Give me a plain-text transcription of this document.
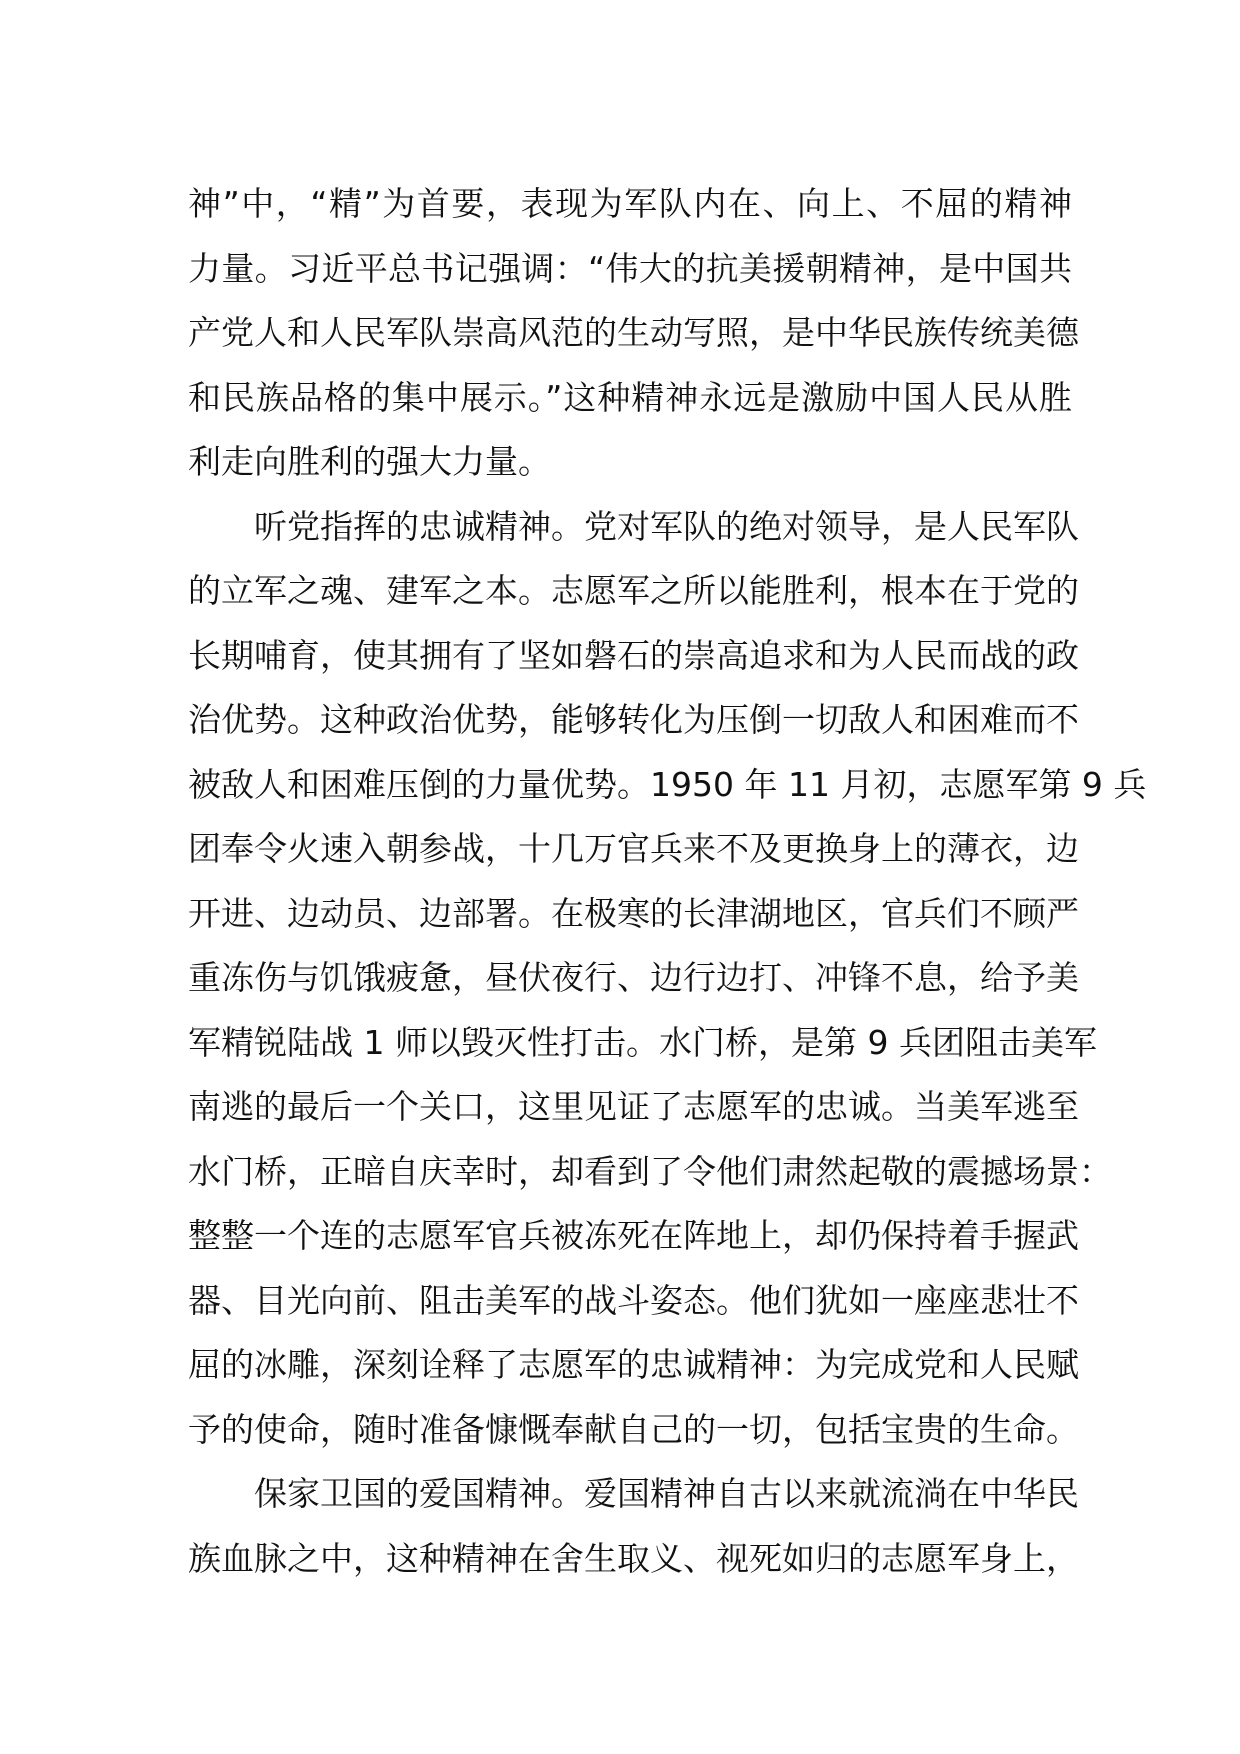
神”中，“精”为首要，表现为军队内在、向上、不屈的精神
力量。习近平总书记强调：“伟大的抗美援朝精神，是中国共
产党人和人民军队崇高风范的生动写照，是中华民族传统美德
和民族品格的集中展示。”这种精神永远是激励中国人民从胜
利走向胜利的强大力量。
听党指挥的忠诚精神。党对军队的绝对领导，是人民军队
的立军之魂、建军之本。志愿军之所以能胜利，根本在于党的
长期哺育，使其拥有了坚如磐石的崇高追求和为人民而战的政
治优势。这种政治优势，能够转化为压倒一切敌人和困难而不
被敌人和困难压倒的力量优势。1950 年 11 月初，志愿军第 9 兵
团奉令火速入朝参战，十几万官兵来不及更换身上的薄衣，边
开进、边动员、边部署。在极寒的长津湖地区，官兵们不顾严
重冻伤与饥饿疲惫，昼伏夜行、边行边打、冲锋不息，给予美
军精锐陆战 1 师以毁灭性打击。水门桥，是第 9 兵团阻击美军
南逃的最后一个关口，这里见证了志愿军的忠诚。当美军逃至
水门桥，正暗自庆幸时，却看到了令他们肃然起敬的震撼场景：
整整一个连的志愿军官兵被冻死在阵地上，却仍保持着手握武
器、目光向前、阻击美军的战斗姿态。他们犹如一座座悲壮不
屈的冰雕，深刻诠释了志愿军的忠诚精神：为完成党和人民赋
予的使命，随时准备慷慨奉献自己的一切，包括宝贵的生命。
保家卫国的爱国精神。爱国精神自古以来就流淌在中华民
族血脉之中，这种精神在舍生取义、视死如归的志愿军身上，
